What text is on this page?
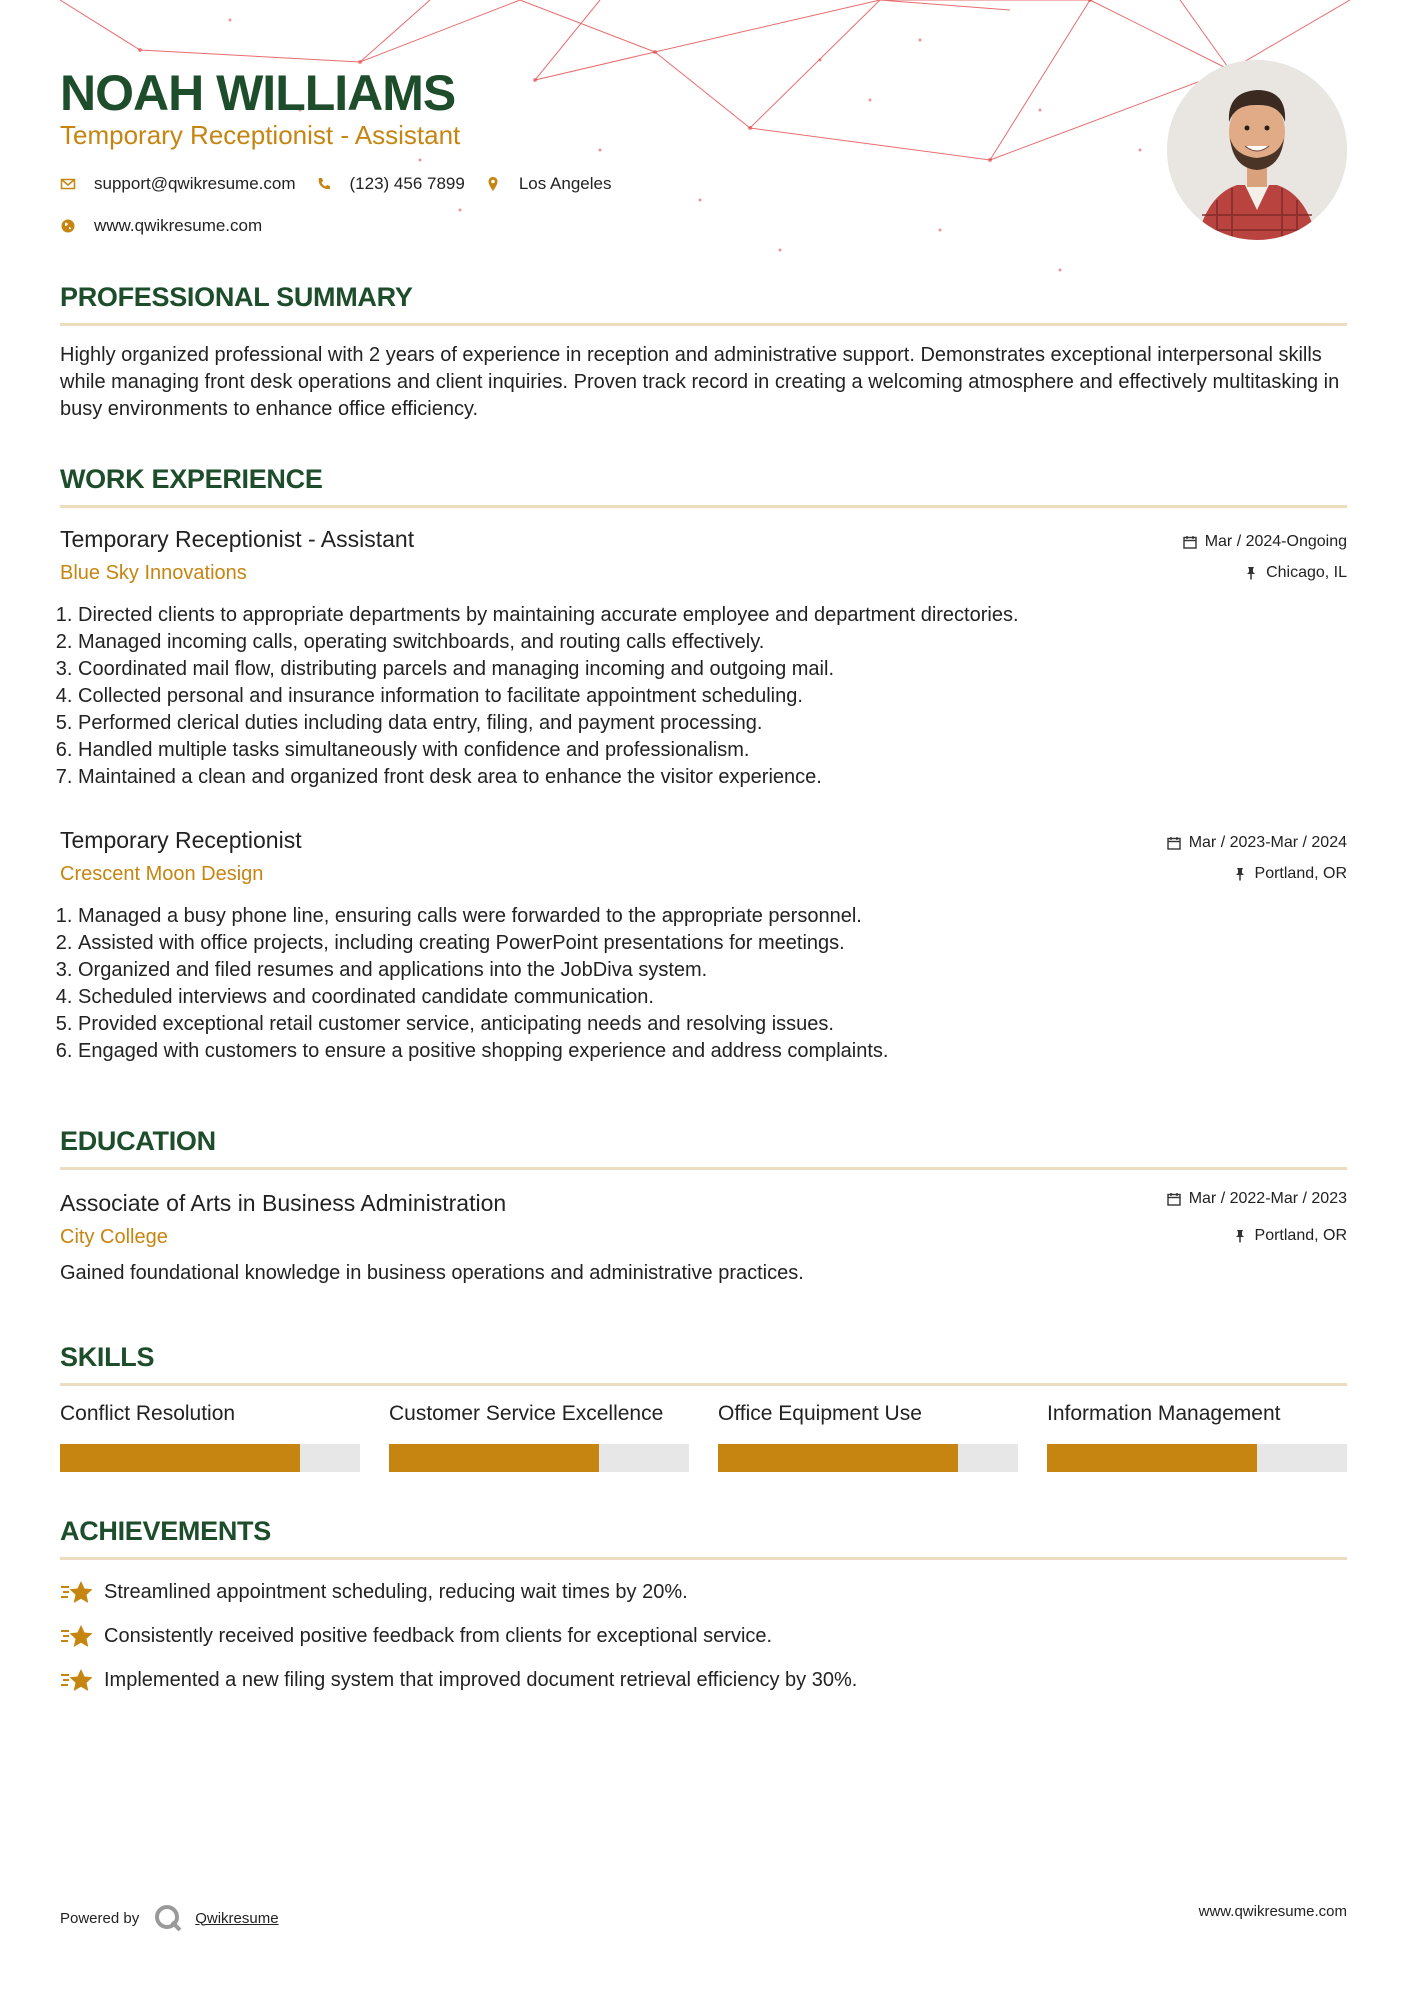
NOAH WILLIAMS
Temporary Receptionist - Assistant
support@qwikresume.com	(123) 456 7899	Los Angeles
www.qwikresume.com
PROFESSIONAL SUMMARY
Highly organized professional with 2 years of experience in reception and administrative support. Demonstrates exceptional interpersonal skills while managing front desk operations and client inquiries. Proven track record in creating a welcoming atmosphere and effectively multitasking in busy environments to enhance office efficiency.
WORK EXPERIENCE
Temporary Receptionist - Assistant
Blue Sky Innovations
Mar / 2024-Ongoing
Chicago, IL
1. Directed clients to appropriate departments by maintaining accurate employee and department directories.
2. Managed incoming calls, operating switchboards, and routing calls effectively.
3. Coordinated mail flow, distributing parcels and managing incoming and outgoing mail.
4. Collected personal and insurance information to facilitate appointment scheduling.
5. Performed clerical duties including data entry, filing, and payment processing.
6. Handled multiple tasks simultaneously with confidence and professionalism.
7. Maintained a clean and organized front desk area to enhance the visitor experience.
Temporary Receptionist
Crescent Moon Design
Mar / 2023-Mar / 2024
Portland, OR
1. Managed a busy phone line, ensuring calls were forwarded to the appropriate personnel.
2. Assisted with office projects, including creating PowerPoint presentations for meetings.
3. Organized and filed resumes and applications into the JobDiva system.
4. Scheduled interviews and coordinated candidate communication.
5. Provided exceptional retail customer service, anticipating needs and resolving issues.
6. Engaged with customers to ensure a positive shopping experience and address complaints.
EDUCATION
Associate of Arts in Business Administration
City College
Mar / 2022-Mar / 2023
Portland, OR
Gained foundational knowledge in business operations and administrative practices.
SKILLS
Conflict Resolution	Customer Service Excellence	Office Equipment Use	Information Management
ACHIEVEMENTS
Streamlined appointment scheduling, reducing wait times by 20%.
Consistently received positive feedback from clients for exceptional service.
Implemented a new filing system that improved document retrieval efficiency by 30%.
Powered by	Qwikresume	www.qwikresume.com
